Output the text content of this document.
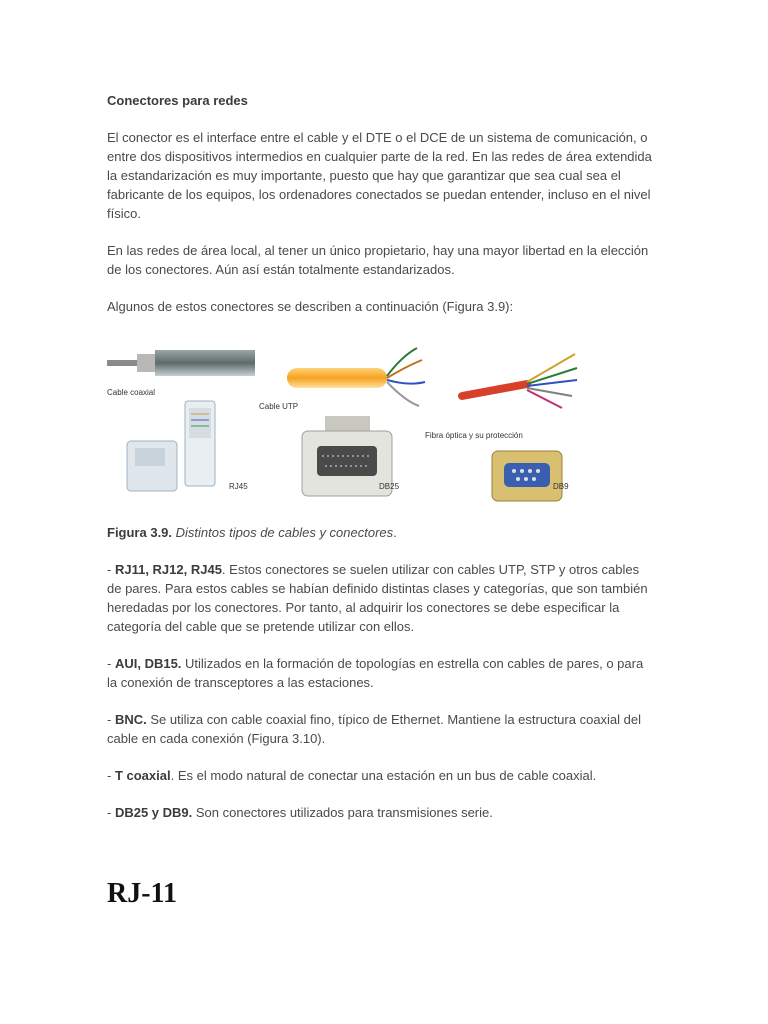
Conectores para redes

El conector es el interface entre el cable y el DTE o el DCE de un sistema de comunicación, o entre dos dispositivos intermedios en cualquier parte de la red. En las redes de área extendida la estandarización es muy importante, puesto que hay que garantizar que sea cual sea el fabricante de los equipos, los ordenadores conectados se puedan entender, incluso en el nivel físico.

En las redes de área local, al tener un único propietario, hay una mayor libertad en la elección de los conectores. Aún así están totalmente estandarizados.

Algunos de estos conectores se describen a continuación (Figura 3.9):

Cable coaxial
RJ45
Cable UTP
DB25
Fibra óptica y su protección
DB9

Figura 3.9. Distintos tipos de cables y conectores.

- RJ11, RJ12, RJ45. Estos conectores se suelen utilizar con cables UTP, STP y otros cables de pares. Para estos cables se habían definido distintas clases y categorías, que son también heredadas por los conectores. Por tanto, al adquirir los conectores se debe especificar la categoría del cable que se pretende utilizar con ellos.

- AUI, DB15. Utilizados en la formación de topologías en estrella con cables de pares, o para la conexión de transceptores a las estaciones.

- BNC. Se utiliza con cable coaxial fino, típico de Ethernet. Mantiene la estructura coaxial del cable en cada conexión (Figura 3.10).

- T coaxial. Es el modo natural de conectar una estación en un bus de cable coaxial.

- DB25 y DB9. Son conectores utilizados para transmisiones serie.

RJ-11
